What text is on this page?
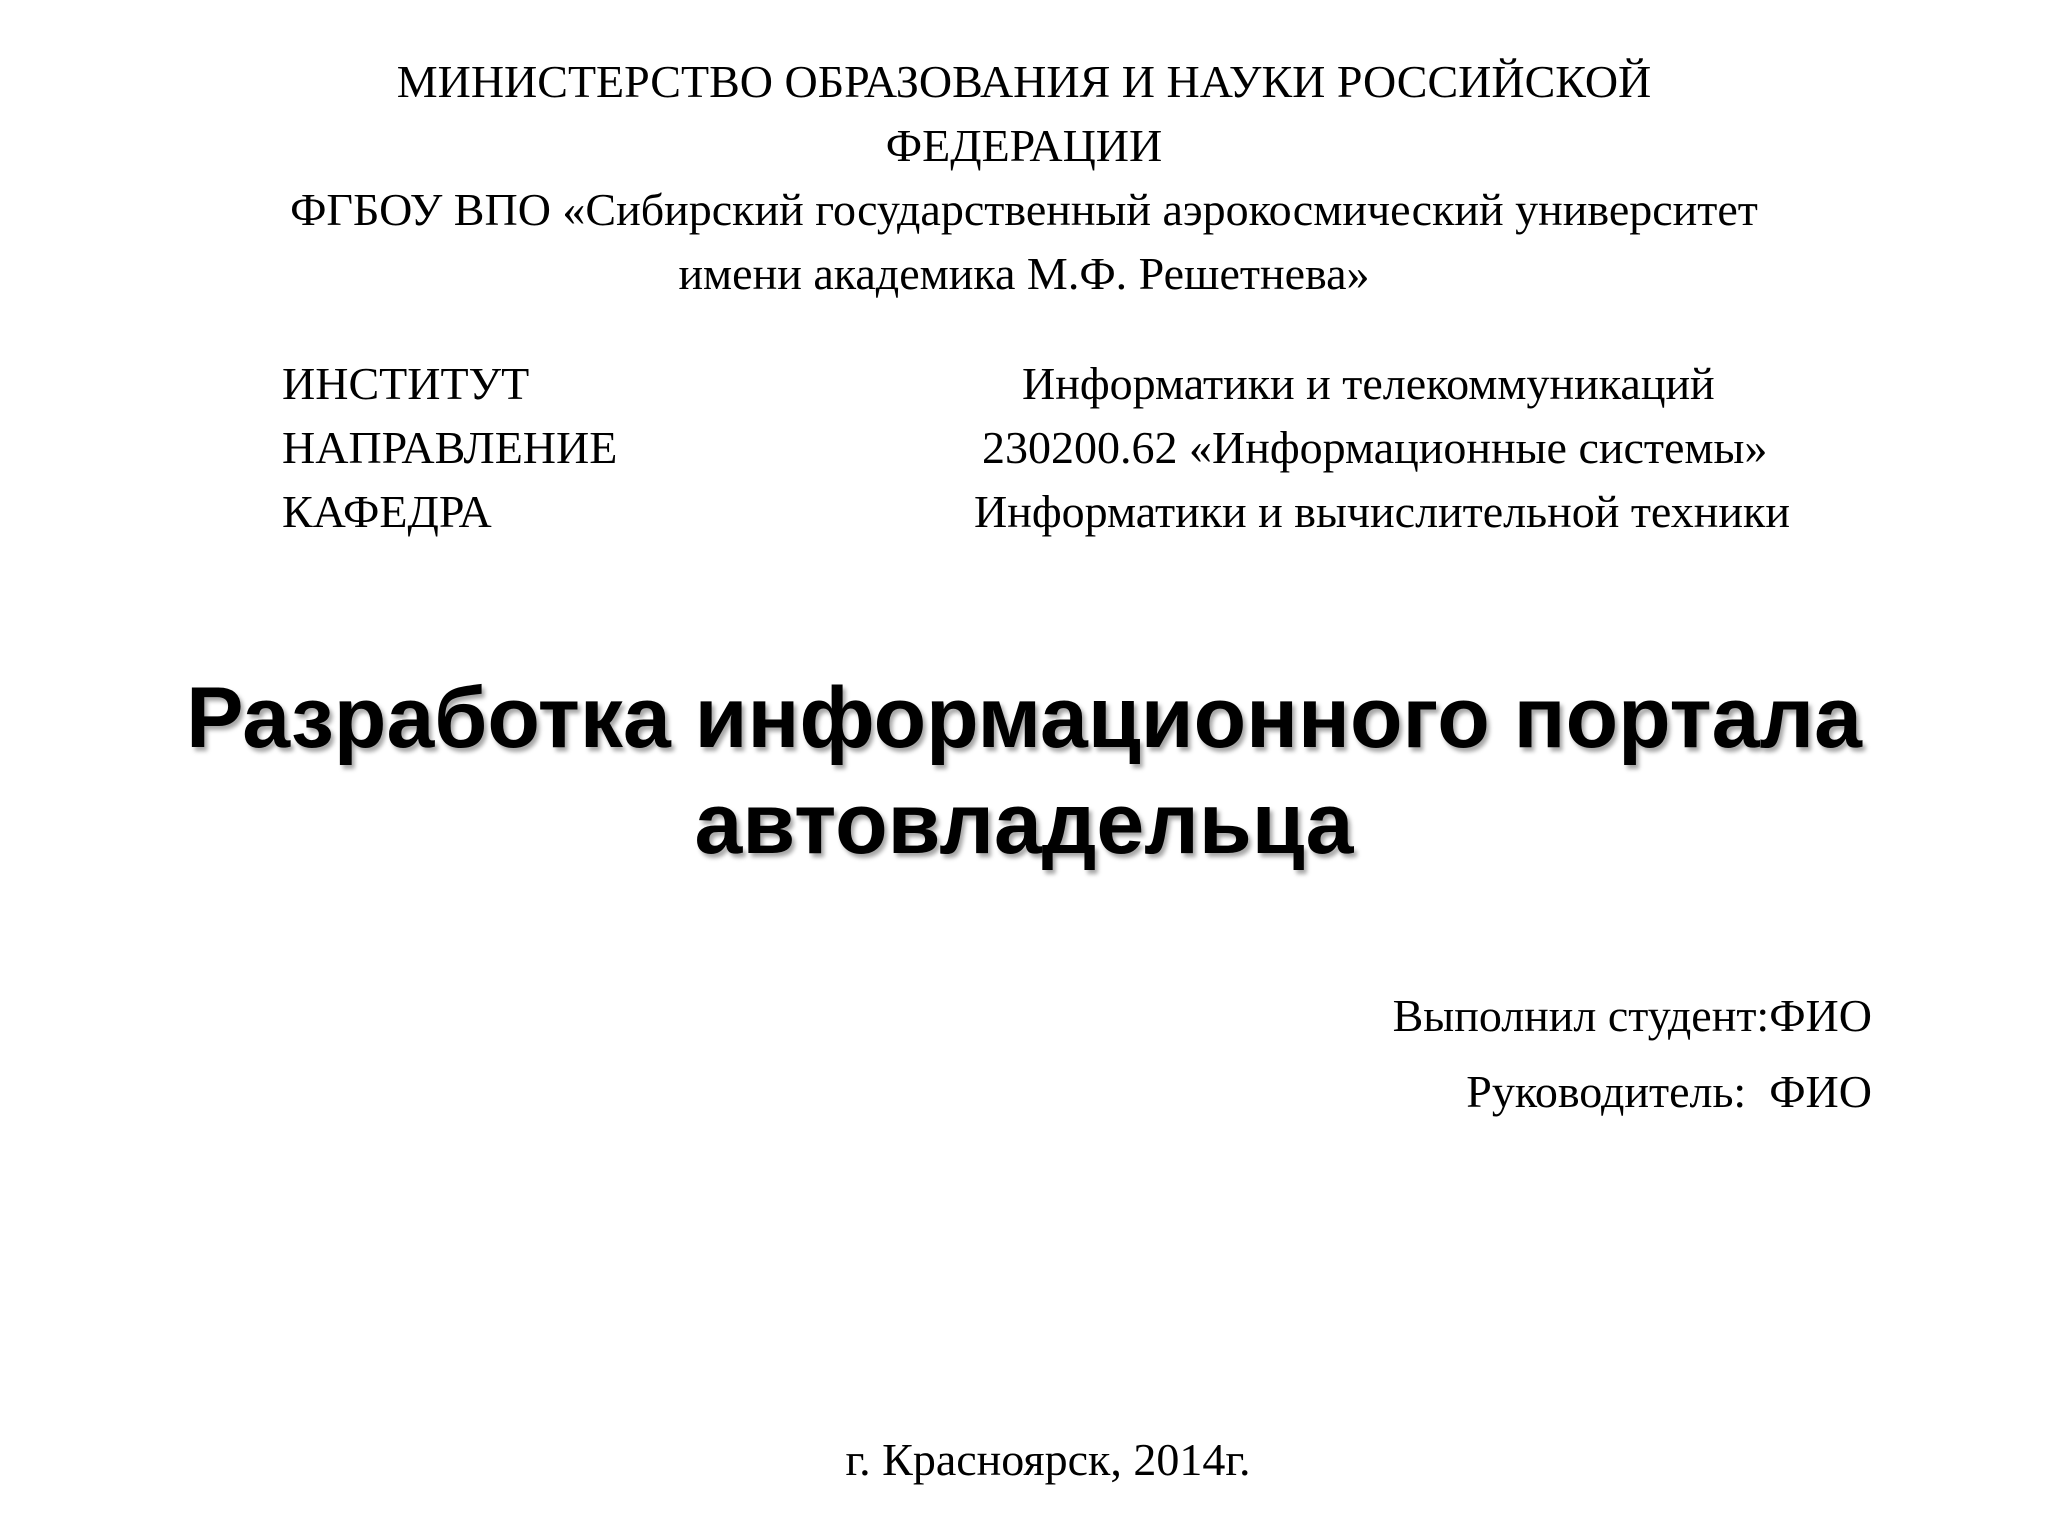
МИНИСТЕРСТВО ОБРАЗОВАНИЯ И НАУКИ РОССИЙСКОЙ
ФЕДЕРАЦИИ
ФГБОУ ВПО «Сибирский государственный аэрокосмический университет
имени академика М.Ф. Решетнева»
ИНСТИТУТ	Информатики и телекоммуникаций
НАПРАВЛЕНИЕ	230200.62 «Информационные системы»
КАФЕДРА	Информатики и вычислительной техники
Разработка информационного портала
автовладельца
Выполнил студент:ФИО
Руководитель:  ФИО
г. Красноярск, 2014г.
